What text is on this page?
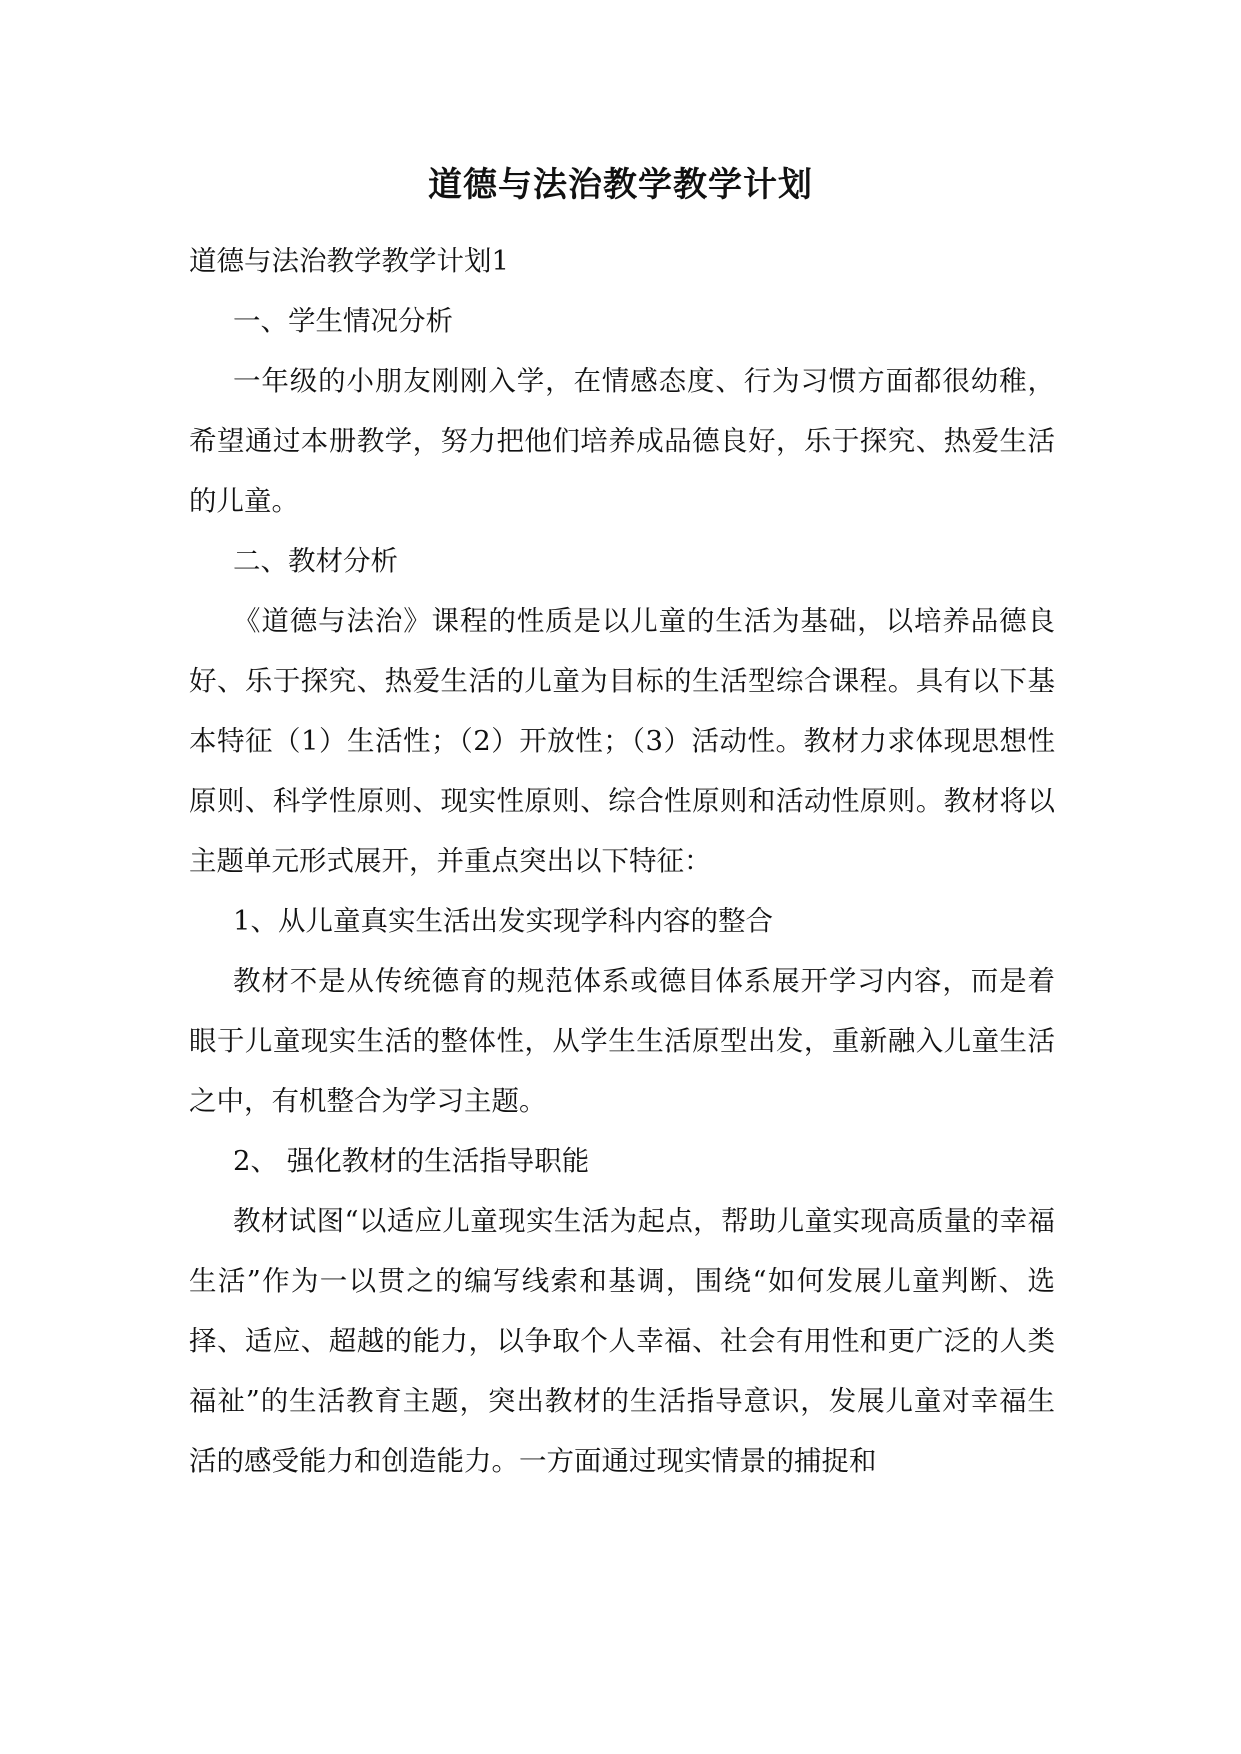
道德与法治教学教学计划

道德与法治教学教学计划1

一、学生情况分析

一年级的小朋友刚刚入学，在情感态度、行为习惯方面都很幼稚，希望通过本册教学，努力把他们培养成品德良好，乐于探究、热爱生活的儿童。

二、教材分析

《道德与法治》课程的性质是以儿童的生活为基础，以培养品德良好、乐于探究、热爱生活的儿童为目标的生活型综合课程。具有以下基本特征（1）生活性；（2）开放性；（3）活动性。教材力求体现思想性原则、科学性原则、现实性原则、综合性原则和活动性原则。教材将以主题单元形式展开，并重点突出以下特征：

1、从儿童真实生活出发实现学科内容的整合

教材不是从传统德育的规范体系或德目体系展开学习内容，而是着眼于儿童现实生活的整体性，从学生生活原型出发，重新融入儿童生活之中，有机整合为学习主题。

2、 强化教材的生活指导职能

教材试图“以适应儿童现实生活为起点，帮助儿童实现高质量的幸福生活”作为一以贯之的编写线索和基调，围绕“如何发展儿童判断、选择、适应、超越的能力，以争取个人幸福、社会有用性和更广泛的人类福祉”的生活教育主题，突出教材的生活指导意识，发展儿童对幸福生活的感受能力和创造能力。一方面通过现实情景的捕捉和
